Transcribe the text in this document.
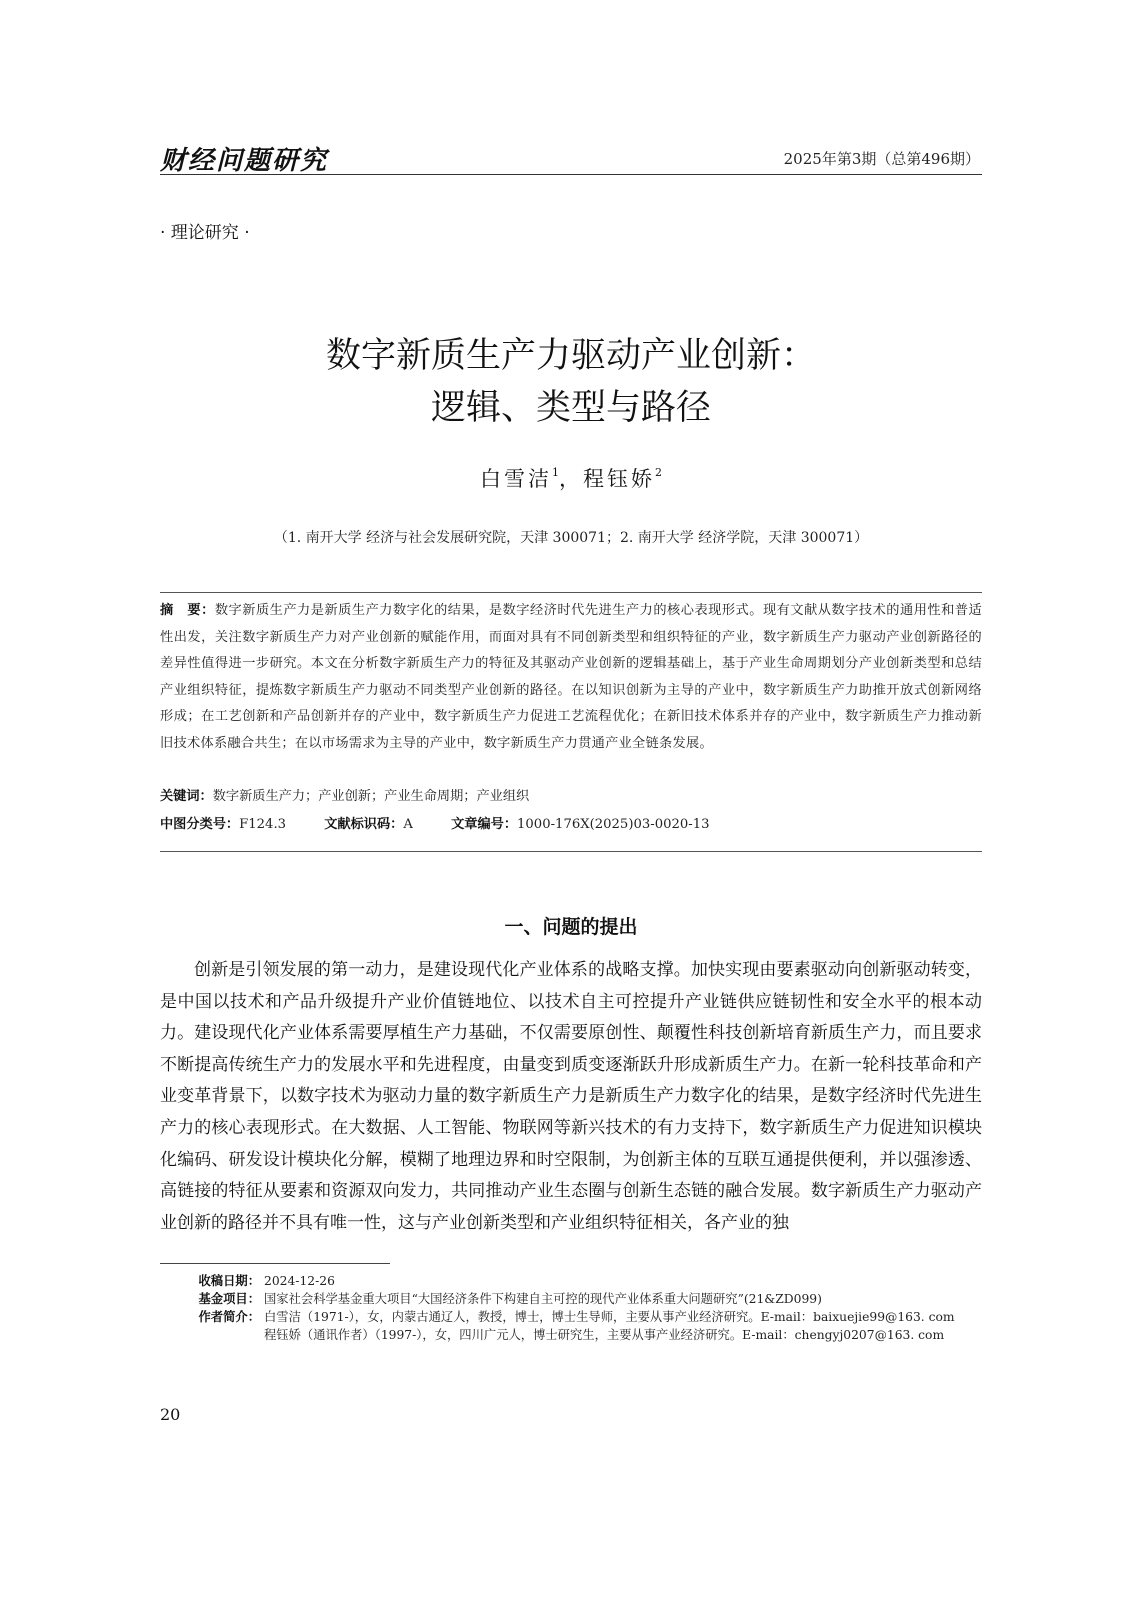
财经问题研究	2025年第3期（总第496期）
· 理论研究 ·
数字新质生产力驱动产业创新：
逻辑、类型与路径
白雪洁$^1$，程钰娇$^2$
（1. 南开大学 经济与社会发展研究院，天津 300071；2. 南开大学 经济学院，天津 300071）
摘　要：数字新质生产力是新质生产力数字化的结果，是数字经济时代先进生产力的核心表现形式。现有文献从数字技术的通用性和普适性出发，关注数字新质生产力对产业创新的赋能作用，而面对具有不同创新类型和组织特征的产业，数字新质生产力驱动产业创新路径的差异性值得进一步研究。本文在分析数字新质生产力的特征及其驱动产业创新的逻辑基础上，基于产业生命周期划分产业创新类型和总结产业组织特征，提炼数字新质生产力驱动不同类型产业创新的路径。在以知识创新为主导的产业中，数字新质生产力助推开放式创新网络形成；在工艺创新和产品创新并存的产业中，数字新质生产力促进工艺流程优化；在新旧技术体系并存的产业中，数字新质生产力推动新旧技术体系融合共生；在以市场需求为主导的产业中，数字新质生产力贯通产业全链条发展。
关键词：数字新质生产力；产业创新；产业生命周期；产业组织
中图分类号：F124.3	文献标识码：A	文章编号：1000-176X(2025)03-0020-13
一、问题的提出
创新是引领发展的第一动力，是建设现代化产业体系的战略支撑。加快实现由要素驱动向创新驱动转变，是中国以技术和产品升级提升产业价值链地位、以技术自主可控提升产业链供应链韧性和安全水平的根本动力。建设现代化产业体系需要厚植生产力基础，不仅需要原创性、颠覆性科技创新培育新质生产力，而且要求不断提高传统生产力的发展水平和先进程度，由量变到质变逐渐跃升形成新质生产力。在新一轮科技革命和产业变革背景下，以数字技术为驱动力量的数字新质生产力是新质生产力数字化的结果，是数字经济时代先进生产力的核心表现形式。在大数据、人工智能、物联网等新兴技术的有力支持下，数字新质生产力促进知识模块化编码、研发设计模块化分解，模糊了地理边界和时空限制，为创新主体的互联互通提供便利，并以强渗透、高链接的特征从要素和资源双向发力，共同推动产业生态圈与创新生态链的融合发展。数字新质生产力驱动产业创新的路径并不具有唯一性，这与产业创新类型和产业组织特征相关，各产业的独
收稿日期： 2024-12-26
基金项目： 国家社会科学基金重大项目“大国经济条件下构建自主可控的现代产业体系重大问题研究”(21&ZD099)
作者简介： 白雪洁（1971-），女，内蒙古通辽人，教授，博士，博士生导师，主要从事产业经济研究。E-mail：baixuejie99@163. com
程钰娇（通讯作者）（1997-），女，四川广元人，博士研究生，主要从事产业经济研究。E-mail：chengyj0207@163. com
20
